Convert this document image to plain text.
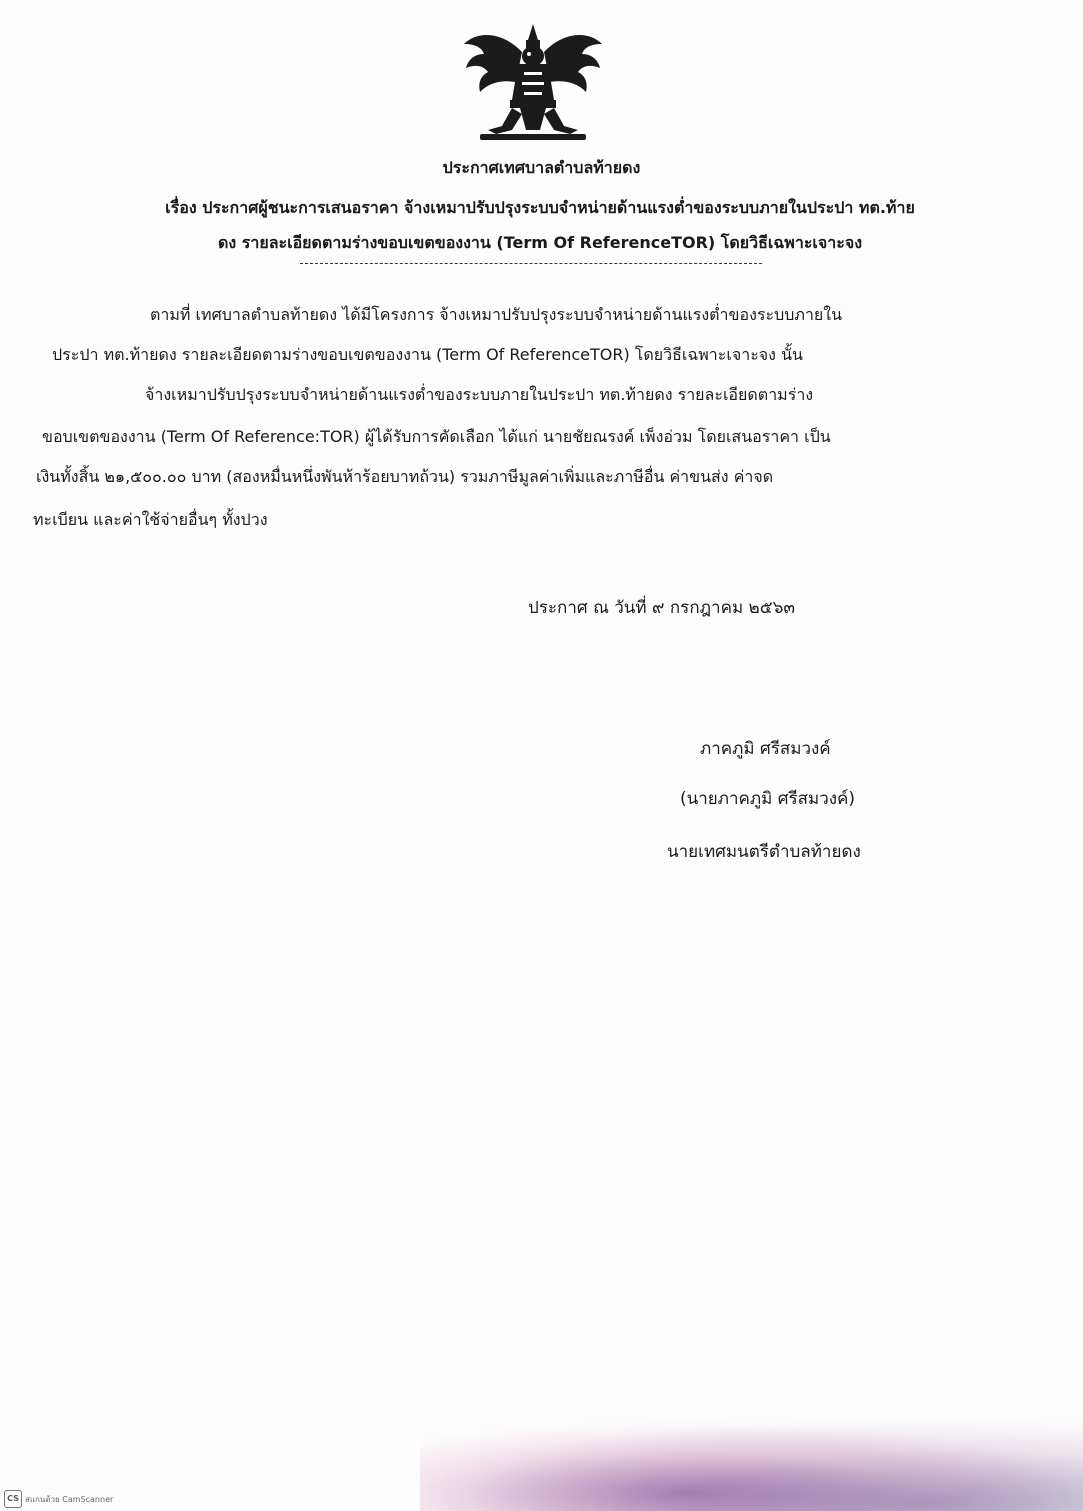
ประกาศเทศบาลตำบลท้ายดง
เรื่อง ประกาศผู้ชนะการเสนอราคา จ้างเหมาปรับปรุงระบบจำหน่ายด้านแรงต่ำของระบบภายในประปา ทต.ท้าย
ดง รายละเอียดตามร่างขอบเขตของงาน (Term Of ReferenceTOR) โดยวิธีเฉพาะเจาะจง
ตามที่ เทศบาลตำบลท้ายดง ได้มีโครงการ จ้างเหมาปรับปรุงระบบจำหน่ายด้านแรงต่ำของระบบภายใน
ประปา ทต.ท้ายดง รายละเอียดตามร่างขอบเขตของงาน (Term Of ReferenceTOR) โดยวิธีเฉพาะเจาะจง นั้น
จ้างเหมาปรับปรุงระบบจำหน่ายด้านแรงต่ำของระบบภายในประปา ทต.ท้ายดง รายละเอียดตามร่าง
ขอบเขตของงาน (Term Of Reference:TOR) ผู้ได้รับการคัดเลือก ได้แก่ นายชัยณรงค์ เพ็งอ่วม โดยเสนอราคา เป็น
เงินทั้งสิ้น ๒๑,๕๐๐.๐๐ บาท (สองหมื่นหนึ่งพันห้าร้อยบาทถ้วน) รวมภาษีมูลค่าเพิ่มและภาษีอื่น ค่าขนส่ง ค่าจด
ทะเบียน และค่าใช้จ่ายอื่นๆ ทั้งปวง
ประกาศ ณ วันที่ ๙ กรกฎาคม ๒๕๖๓
ภาคภูมิ ศรีสมวงค์
(นายภาคภูมิ ศรีสมวงค์)
นายเทศมนตรีตำบลท้ายดง
CS สแกนด้วย CamScanner
